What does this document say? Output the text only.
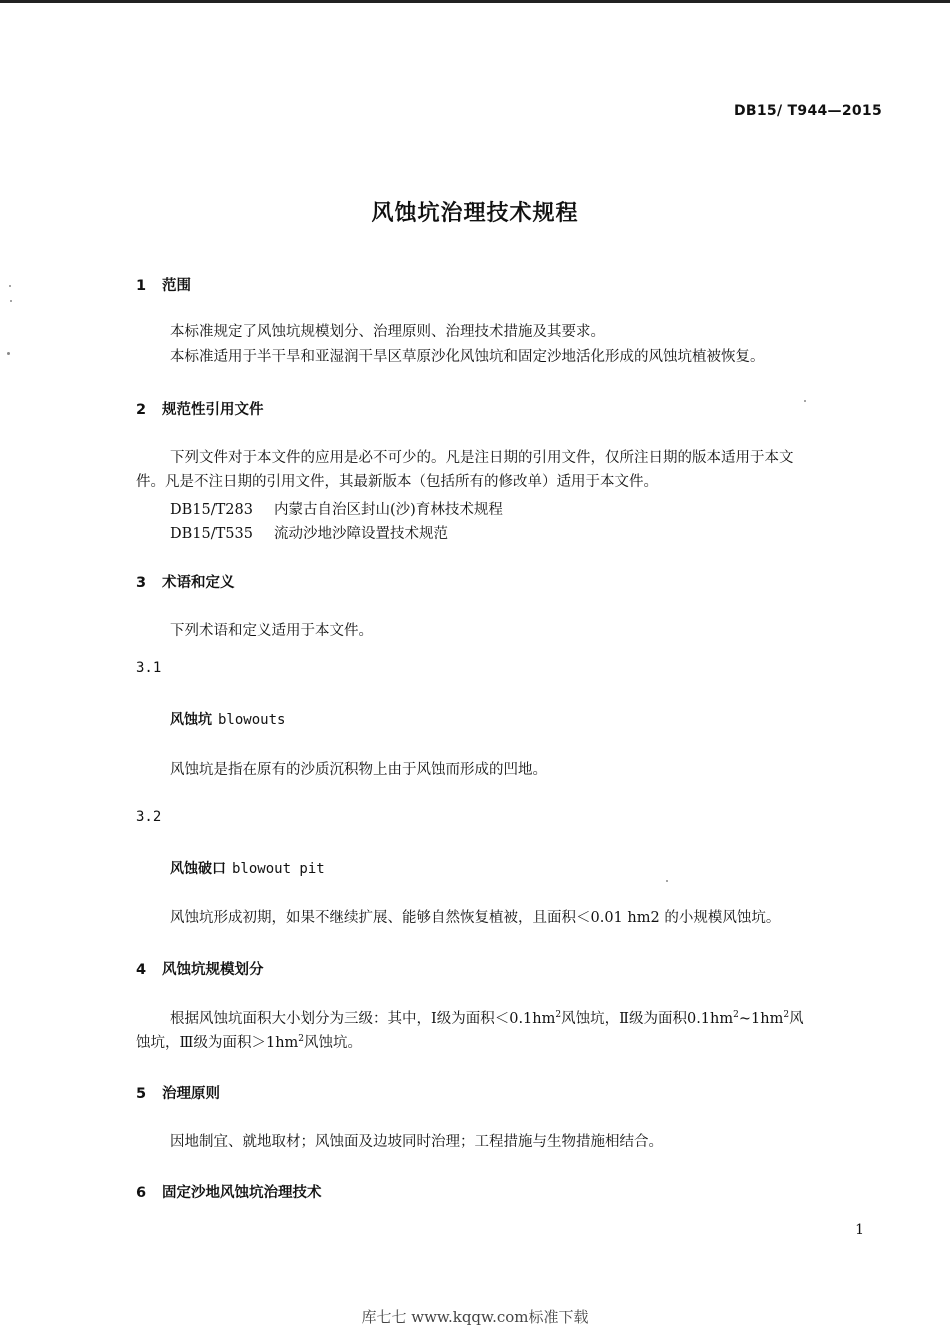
DB15/ T944—2015
风蚀坑治理技术规程
1 范围
本标准规定了风蚀坑规模划分、治理原则、治理技术措施及其要求。
本标准适用于半干旱和亚湿润干旱区草原沙化风蚀坑和固定沙地活化形成的风蚀坑植被恢复。
2 规范性引用文件
下列文件对于本文件的应用是必不可少的。凡是注日期的引用文件，仅所注日期的版本适用于本文
件。凡是不注日期的引用文件，其最新版本（包括所有的修改单）适用于本文件。
DB15/T283 内蒙古自治区封山(沙)育林技术规程
DB15/T535 流动沙地沙障设置技术规范
3 术语和定义
下列术语和定义适用于本文件。
3.1
风蚀坑 blowouts
风蚀坑是指在原有的沙质沉积物上由于风蚀而形成的凹地。
3.2
风蚀破口 blowout pit
风蚀坑形成初期，如果不继续扩展、能够自然恢复植被，且面积＜0.01 hm2 的小规模风蚀坑。
4 风蚀坑规模划分
根据风蚀坑面积大小划分为三级：其中，Ⅰ级为面积$<0.1hm^2$风蚀坑，Ⅱ级为面积$0.1hm^2\sim 1hm^2$风
蚀坑，Ⅲ级为面积$>1hm^2$风蚀坑。
5 治理原则
因地制宜、就地取材；风蚀面及边坡同时治理；工程措施与生物措施相结合。
6 固定沙地风蚀坑治理技术
1
库七七 www.kqqw.com标准下载
